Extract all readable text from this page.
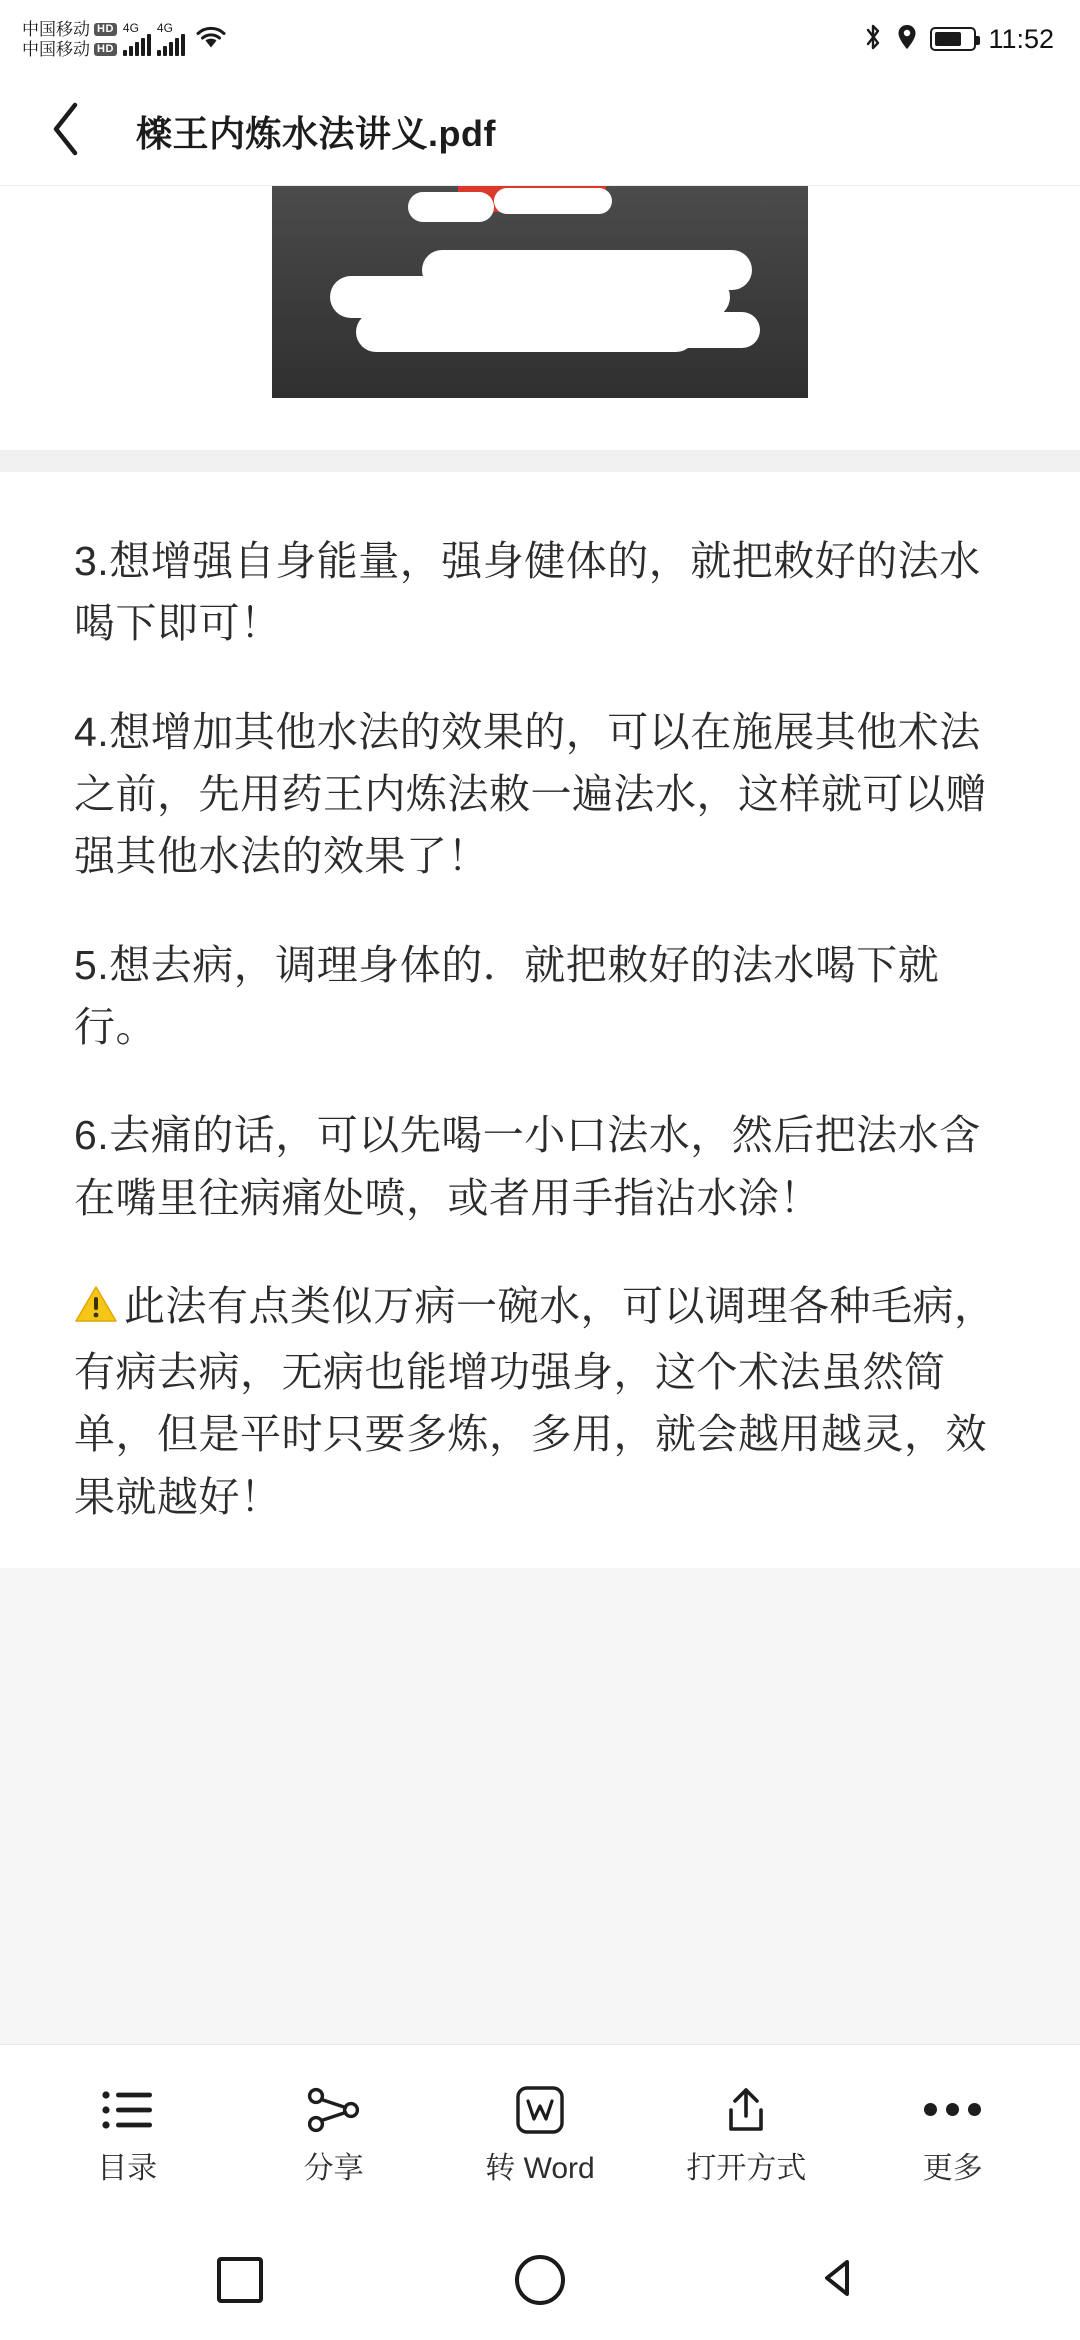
中国移动 HD
中国移动 HD
4G 4G	11:52
檪王内炼水法讲义.pdf

3.想增强自身能量，强身健体的，就把敕好的法水喝下即可！

4.想增加其他水法的效果的，可以在施展其他术法之前，先用药王内炼法敕一遍法水，这样就可以赠强其他水法的效果了！

5.想去病，调理身体的．就把敕好的法水喝下就行。

6.去痛的话，可以先喝一小口法水，然后把法水含在嘴里往病痛处喷，或者用手指沾水涂！

此法有点类似万病一碗水，可以调理各种毛病，有病去病，无病也能增功强身，这个术法虽然简单，但是平时只要多炼，多用，就会越用越灵，效果就越好！

目录	分享	转 Word	打开方式	更多
